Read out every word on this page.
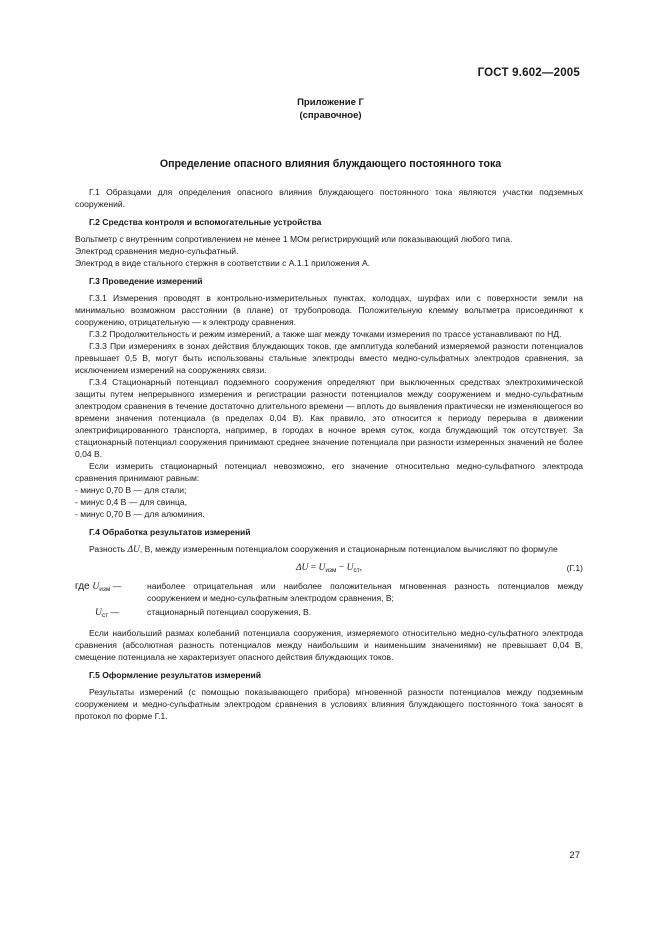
ГОСТ 9.602—2005
Приложение Г
(справочное)
Определение опасного влияния блуждающего постоянного тока

Г.1 Образцами для определения опасного влияния блуждающего постоянного тока являются участки подземных сооружений.

Г.2 Средства контроля и вспомогательные устройства

Вольтметр с внутренним сопротивлением не менее 1 МОм регистрирующий или показывающий любого типа.

Электрод сравнения медно-сульфатный.

Электрод в виде стального стержня в соответствии с А.1.1 приложения А.

Г.3 Проведение измерений

Г.3.1 Измерения проводят в контрольно-измерительных пунктах, колодцах, шурфах или с поверхности земли на минимально возможном расстоянии (в плане) от трубопровода. Положительную клемму вольтметра присоединяют к сооружению, отрицательную — к электроду сравнения.

Г.3.2 Продолжительность и режим измерений, а также шаг между точками измерения по трассе устанавливают по НД.

Г.3.3 При измерениях в зонах действия блуждающих токов, где амплитуда колебаний измеряемой разности потенциалов превышает 0,5 В, могут быть использованы стальные электроды вместо медно-сульфатных электродов сравнения, за исключением измерений на сооружениях связи.

Г.3.4 Стационарный потенциал подземного сооружения определяют при выключенных средствах электрохимической защиты путем непрерывного измерения и регистрации разности потенциалов между сооружением и медно-сульфатным электродом сравнения в течение достаточно длительного времени — вплоть до выявления практически не изменяющегося во времени значения потенциала (в пределах 0,04 В). Как правило, это относится к периоду перерыва в движении электрифицированного транспорта, например, в городах в ночное время суток, когда блуждающий ток отсутствует. За стационарный потенциал сооружения принимают среднее значение потенциала при разности измеренных значений не более 0,04 В.

Если измерить стационарный потенциал невозможно, его значение относительно медно-сульфатного электрода сравнения принимают равным:

- минус 0,70 В — для стали;
- минус 0,4 В — для свинца,
- минус 0,70 В — для алюминия.

Г.4 Обработка результатов измерений

Разность ΔU, В, между измеренным потенциалом сооружения и стационарным потенциалом вычисляют по формуле

$\Delta U = U_{изм} - U_{ст}$,	(Г.1)
где $U_{изм}$ —	наиболее отрицательная или наиболее положительная мгновенная разность потенциалов между сооружением и медно-сульфатным электродом сравнения, В;
$U_{ст}$ —	стационарный потенциал сооружения, В.

Если наибольший размах колебаний потенциала сооружения, измеряемого относительно медно-сульфатного электрода сравнения (абсолютная разность потенциалов между наибольшим и наименьшим значениями) не превышает 0,04 В, смещение потенциала не характеризует опасного действия блуждающих токов.

Г.5 Оформление результатов измерений

Результаты измерений (с помощью показывающего прибора) мгновенной разности потенциалов между подземным сооружением и медно-сульфатным электродом сравнения в условиях влияния блуждающего постоянного тока заносят в протокол по форме Г.1.

27
